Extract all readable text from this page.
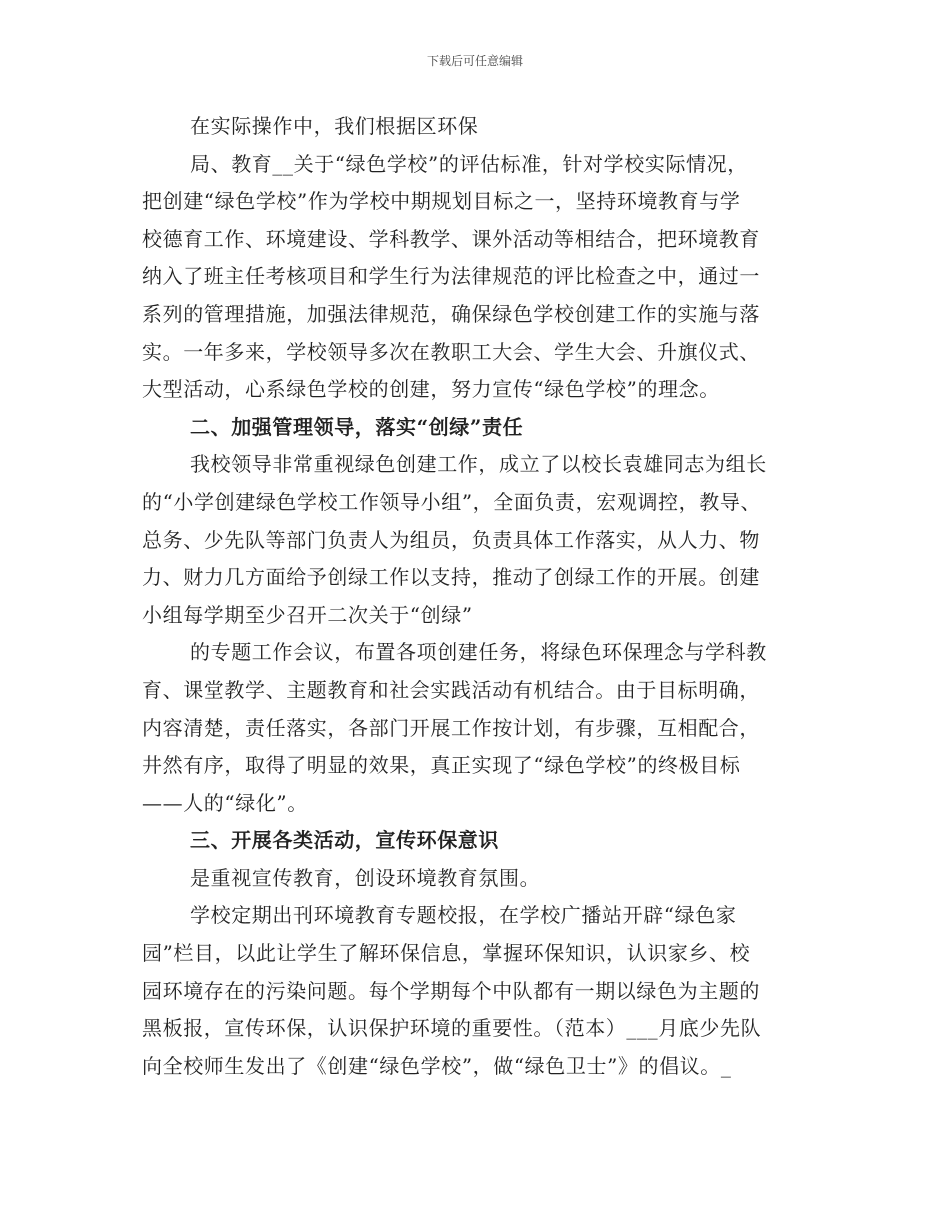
下载后可任意编辑
在实际操作中，我们根据区环保
局、教育__关于“绿色学校”的评估标准，针对学校实际情况，
把创建“绿色学校”作为学校中期规划目标之一，坚持环境教育与学
校德育工作、环境建设、学科教学、课外活动等相结合，把环境教育
纳入了班主任考核项目和学生行为法律规范的评比检查之中，通过一
系列的管理措施，加强法律规范，确保绿色学校创建工作的实施与落
实。一年多来，学校领导多次在教职工大会、学生大会、升旗仪式、
大型活动，心系绿色学校的创建，努力宣传“绿色学校”的理念。
二、加强管理领导，落实“创绿”责任
我校领导非常重视绿色创建工作，成立了以校长袁雄同志为组长
的“小学创建绿色学校工作领导小组”，全面负责，宏观调控，教导、
总务、少先队等部门负责人为组员，负责具体工作落实，从人力、物
力、财力几方面给予创绿工作以支持，推动了创绿工作的开展。创建
小组每学期至少召开二次关于“创绿”
的专题工作会议，布置各项创建任务，将绿色环保理念与学科教
育、课堂教学、主题教育和社会实践活动有机结合。由于目标明确，
内容清楚，责任落实，各部门开展工作按计划，有步骤，互相配合，
井然有序，取得了明显的效果，真正实现了“绿色学校”的终极目标
——人的“绿化”。
三、开展各类活动，宣传环保意识
是重视宣传教育，创设环境教育氛围。
学校定期出刊环境教育专题校报，在学校广播站开辟“绿色家
园”栏目，以此让学生了解环保信息，掌握环保知识，认识家乡、校
园环境存在的污染问题。每个学期每个中队都有一期以绿色为主题的
黑板报，宣传环保，认识保护环境的重要性。（范本）___月底少先队
向全校师生发出了《创建“绿色学校”，做“绿色卫士”》的倡议。_
